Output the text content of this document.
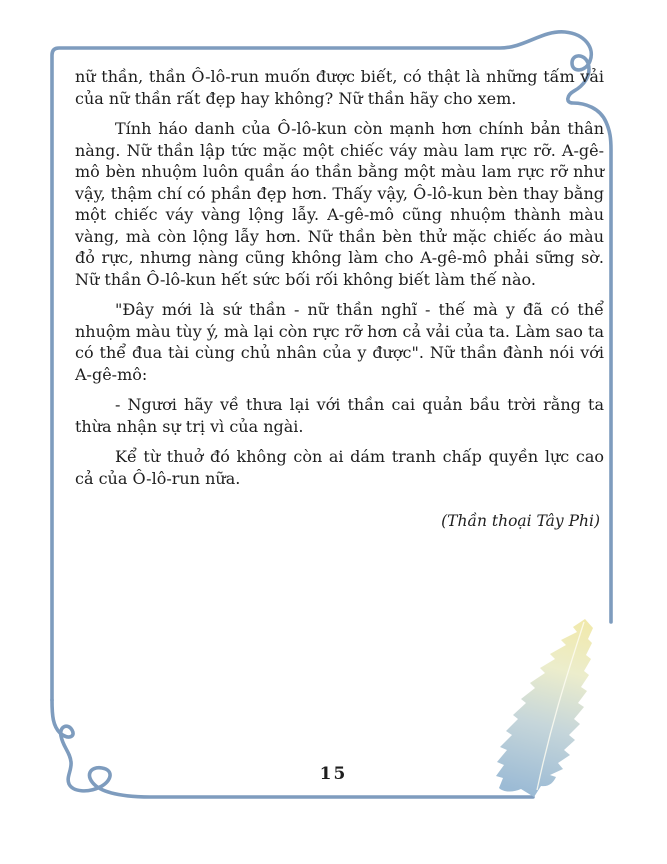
nữ thần, thần Ô-lô-run muốn được biết, có thật là những tấm vải của nữ thần rất đẹp hay không? Nữ thần hãy cho xem.

Tính háo danh của Ô-lô-kun còn mạnh hơn chính bản thân nàng. Nữ thần lập tức mặc một chiếc váy màu lam rực rỡ. A-gê-mô bèn nhuộm luôn quần áo thần bằng một màu lam rực rỡ như vậy, thậm chí có phần đẹp hơn. Thấy vậy, Ô-lô-kun bèn thay bằng một chiếc váy vàng lộng lẫy. A-gê-mô cũng nhuộm thành màu vàng, mà còn lộng lẫy hơn. Nữ thần bèn thử mặc chiếc áo màu đỏ rực, nhưng nàng cũng không làm cho A-gê-mô phải sững sờ. Nữ thần Ô-lô-kun hết sức bối rối không biết làm thế nào.

"Đây mới là sứ thần - nữ thần nghĩ - thế mà y đã có thể nhuộm màu tùy ý, mà lại còn rực rỡ hơn cả vải của ta. Làm sao ta có thể đua tài cùng chủ nhân của y được". Nữ thần đành nói với A-gê-mô:

- Ngươi hãy về thưa lại với thần cai quản bầu trời rằng ta thừa nhận sự trị vì của ngài.

Kể từ thuở đó không còn ai dám tranh chấp quyền lực cao cả của Ô-lô-run nữa.

(Thần thoại Tây Phi)
15
